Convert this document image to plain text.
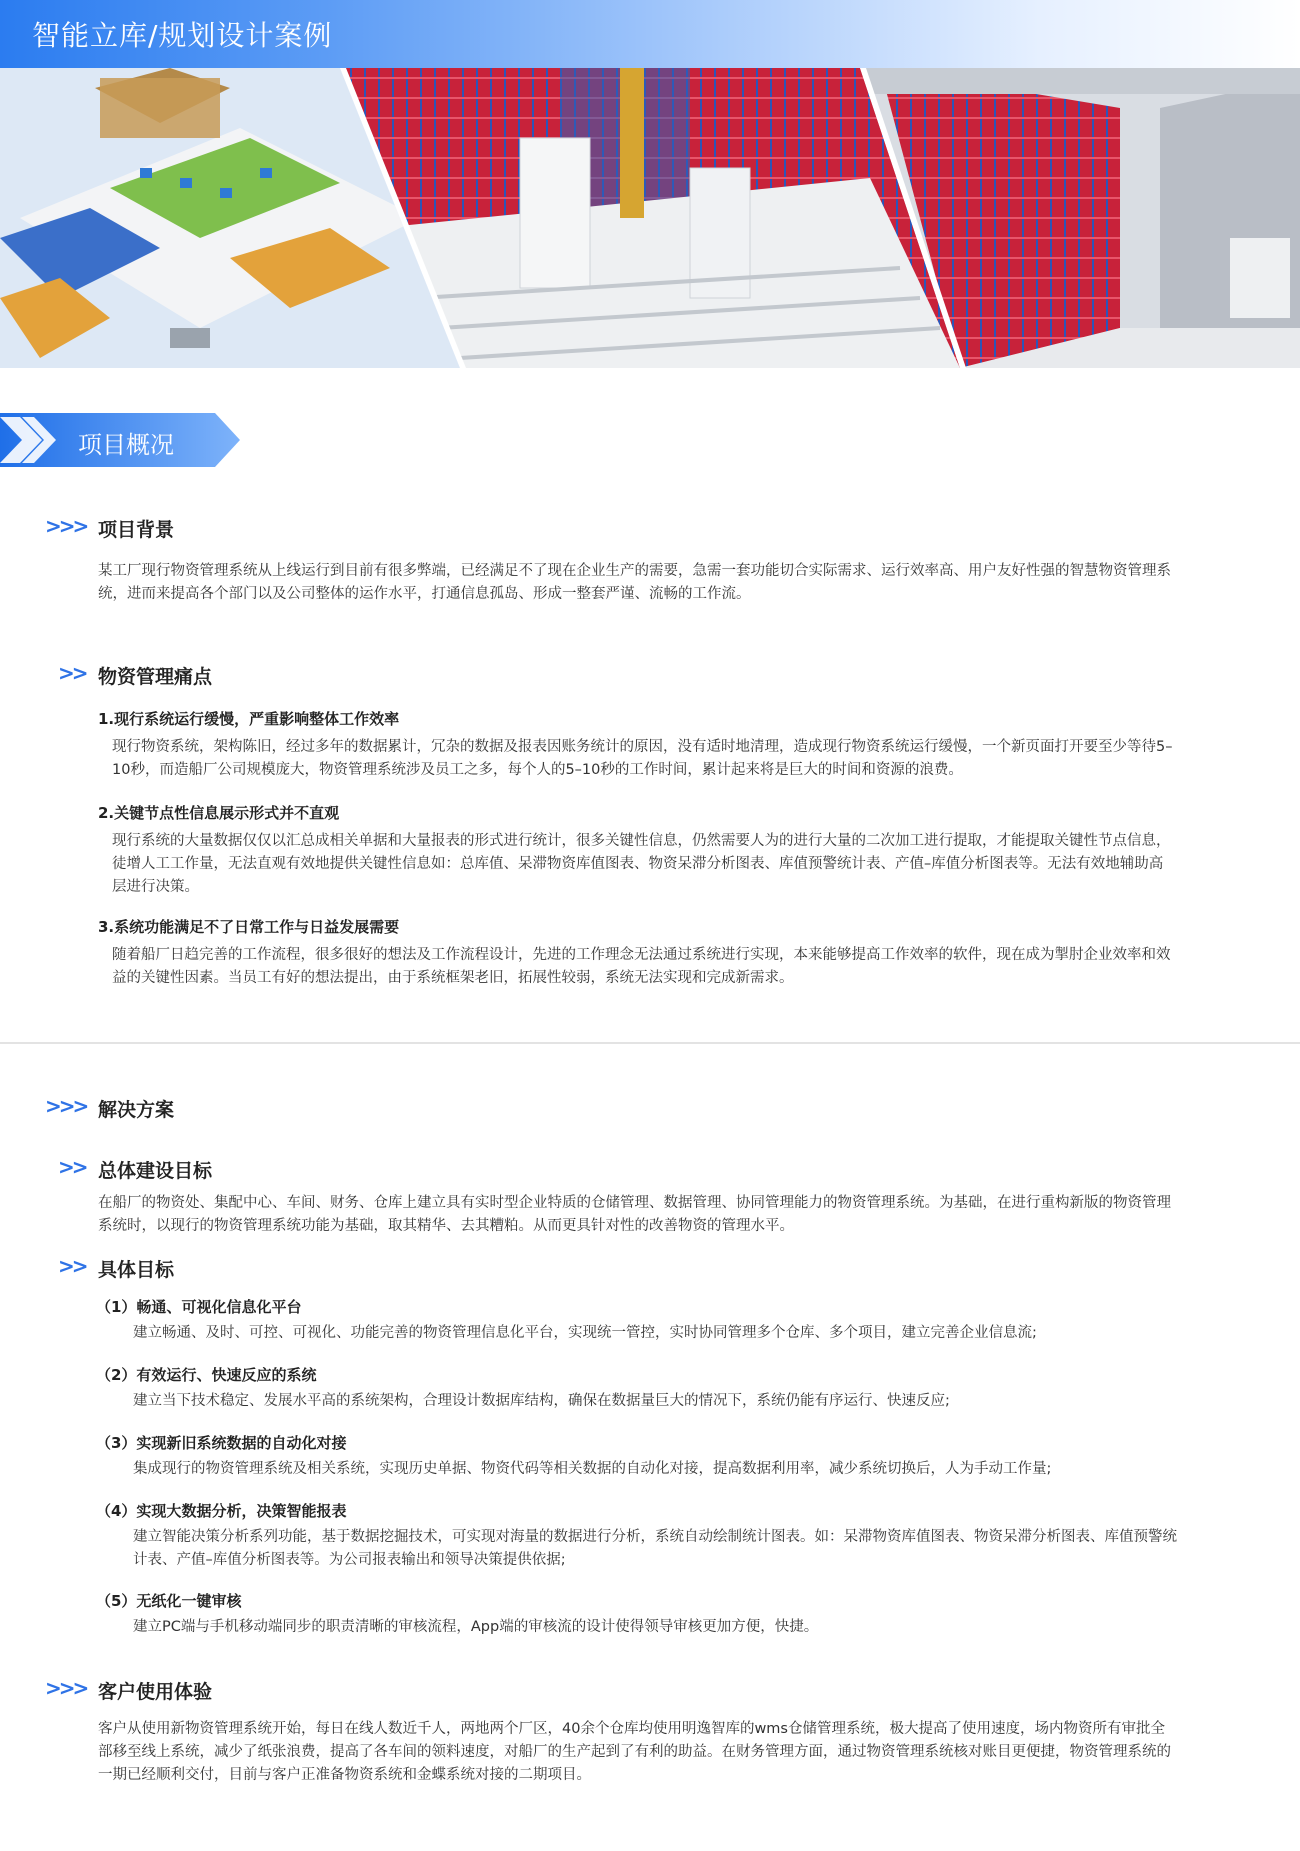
智能立库/规划设计案例
项目概况
>>> 项目背景
某工厂现行物资管理系统从上线运行到目前有很多弊端，已经满足不了现在企业生产的需要，急需一套功能切合实际需求、运行效率高、用户友好性强的智慧物资管理系统，进而来提高各个部门以及公司整体的运作水平，打通信息孤岛、形成一整套严谨、流畅的工作流。
>> 物资管理痛点
1.现行系统运行缓慢，严重影响整体工作效率
现行物资系统，架构陈旧，经过多年的数据累计，冗杂的数据及报表因账务统计的原因，没有适时地清理，造成现行物资系统运行缓慢，一个新页面打开要至少等待5–10秒，而造船厂公司规模庞大，物资管理系统涉及员工之多，每个人的5–10秒的工作时间，累计起来将是巨大的时间和资源的浪费。
2.关键节点性信息展示形式并不直观
现行系统的大量数据仅仅以汇总成相关单据和大量报表的形式进行统计，很多关键性信息，仍然需要人为的进行大量的二次加工进行提取，才能提取关键性节点信息，徒增人工工作量，无法直观有效地提供关键性信息如：总库值、呆滞物资库值图表、物资呆滞分析图表、库值预警统计表、产值–库值分析图表等。无法有效地辅助高层进行决策。
3.系统功能满足不了日常工作与日益发展需要
随着船厂日趋完善的工作流程，很多很好的想法及工作流程设计，先进的工作理念无法通过系统进行实现，本来能够提高工作效率的软件，现在成为掣肘企业效率和效益的关键性因素。当员工有好的想法提出，由于系统框架老旧，拓展性较弱，系统无法实现和完成新需求。
>>> 解决方案
>> 总体建设目标
在船厂的物资处、集配中心、车间、财务、仓库上建立具有实时型企业特质的仓储管理、数据管理、协同管理能力的物资管理系统。为基础，在进行重构新版的物资管理系统时，以现行的物资管理系统功能为基础，取其精华、去其糟粕。从而更具针对性的改善物资的管理水平。
>> 具体目标
（1）畅通、可视化信息化平台
建立畅通、及时、可控、可视化、功能完善的物资管理信息化平台，实现统一管控，实时协同管理多个仓库、多个项目，建立完善企业信息流;
（2）有效运行、快速反应的系统
建立当下技术稳定、发展水平高的系统架构，合理设计数据库结构，确保在数据量巨大的情况下，系统仍能有序运行、快速反应;
（3）实现新旧系统数据的自动化对接
集成现行的物资管理系统及相关系统，实现历史单据、物资代码等相关数据的自动化对接，提高数据利用率，减少系统切换后，人为手动工作量;
（4）实现大数据分析，决策智能报表
建立智能决策分析系列功能，基于数据挖掘技术，可实现对海量的数据进行分析，系统自动绘制统计图表。如：呆滞物资库值图表、物资呆滞分析图表、库值预警统计表、产值–库值分析图表等。为公司报表输出和领导决策提供依据;
（5）无纸化一键审核
建立PC端与手机移动端同步的职责清晰的审核流程，App端的审核流的设计使得领导审核更加方便，快捷。
>>> 客户使用体验
客户从使用新物资管理系统开始，每日在线人数近千人，两地两个厂区，40余个仓库均使用明逸智库的wms仓储管理系统，极大提高了使用速度，场内物资所有审批全部移至线上系统，减少了纸张浪费，提高了各车间的领料速度，对船厂的生产起到了有利的助益。在财务管理方面，通过物资管理系统核对账目更便捷，物资管理系统的一期已经顺利交付，目前与客户正准备物资系统和金蝶系统对接的二期项目。
